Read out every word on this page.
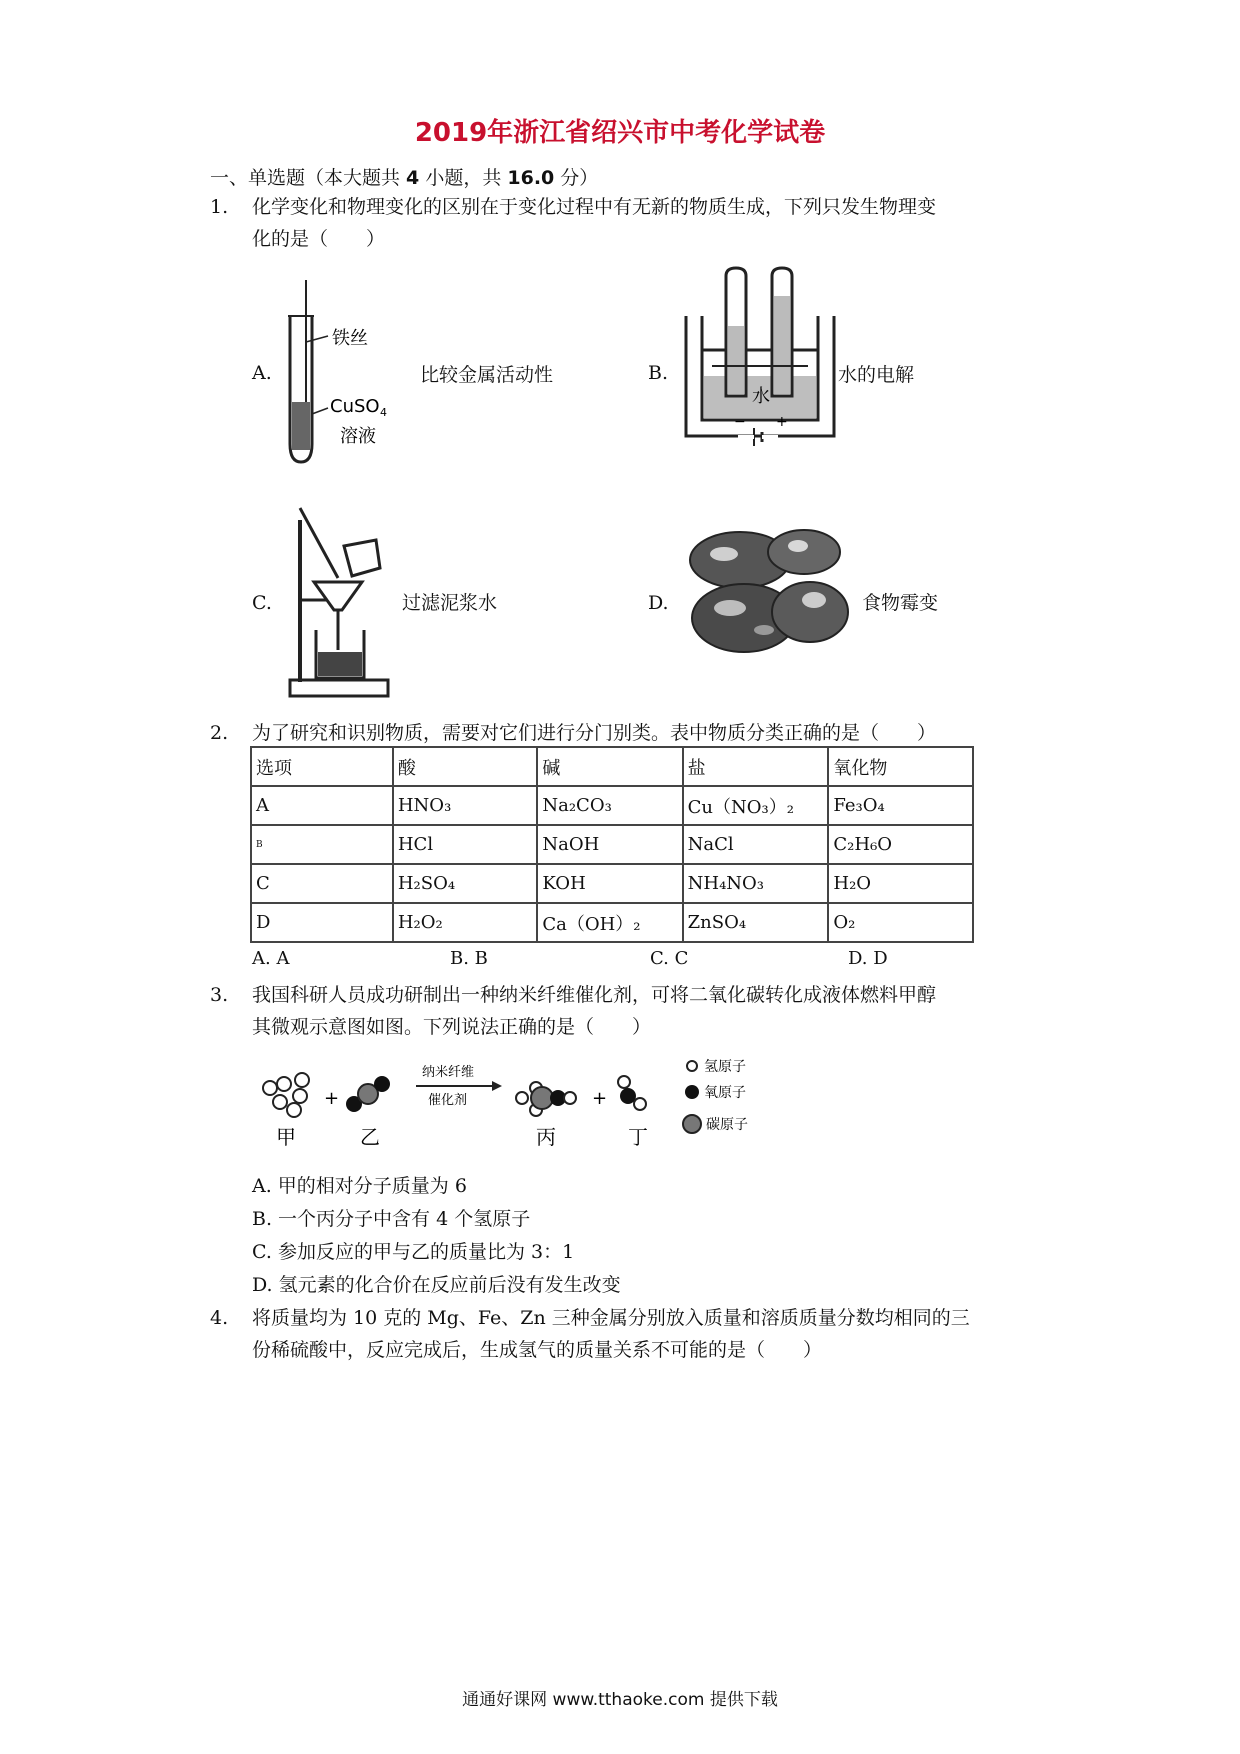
2019年浙江省绍兴市中考化学试卷
一、单选题（本大题共 4 小题，共 16.0 分）
1. 化学变化和物理变化的区别在于变化过程中有无新的物质生成，下列只发生物理变
化的是（　　）
A.
铁丝
CuSO 4
溶液
比较金属活动性	B.
水
− +
水的电解
C.	过滤泥浆水	D.	食物霉变
2. 为了研究和识别物质，需要对它们进行分门别类。表中物质分类正确的是（　　）
选项	酸	碱	盐	氧化物
A	HNO₃	Na₂CO₃	Cu（NO₃）₂	Fe₃O₄
B	HCl	NaOH	NaCl	C₂H₆O
C	H₂SO₄	KOH	NH₄NO₃	H₂O
D	H₂O₂	Ca（OH）₂	ZnSO₄	O₂
A. A	B. B	C. C	D. D
3. 我国科研人员成功研制出一种纳米纤维催化剂，可将二氧化碳转化成液体燃料甲醇
其微观示意图如图。下列说法正确的是（　　）
+
纳米纤维
催化剂	+
甲	乙	丙	丁
氢原子
氧原子
碳原子
A. 甲的相对分子质量为 6
B. 一个丙分子中含有 4 个氢原子
C. 参加反应的甲与乙的质量比为 3：1
D. 氢元素的化合价在反应前后没有发生改变
4. 将质量均为 10 克的 Mg、Fe、Zn 三种金属分别放入质量和溶质质量分数均相同的三
份稀硫酸中，反应完成后，生成氢气的质量关系不可能的是（　　）
通通好课网 www.tthaoke.com 提供下载
